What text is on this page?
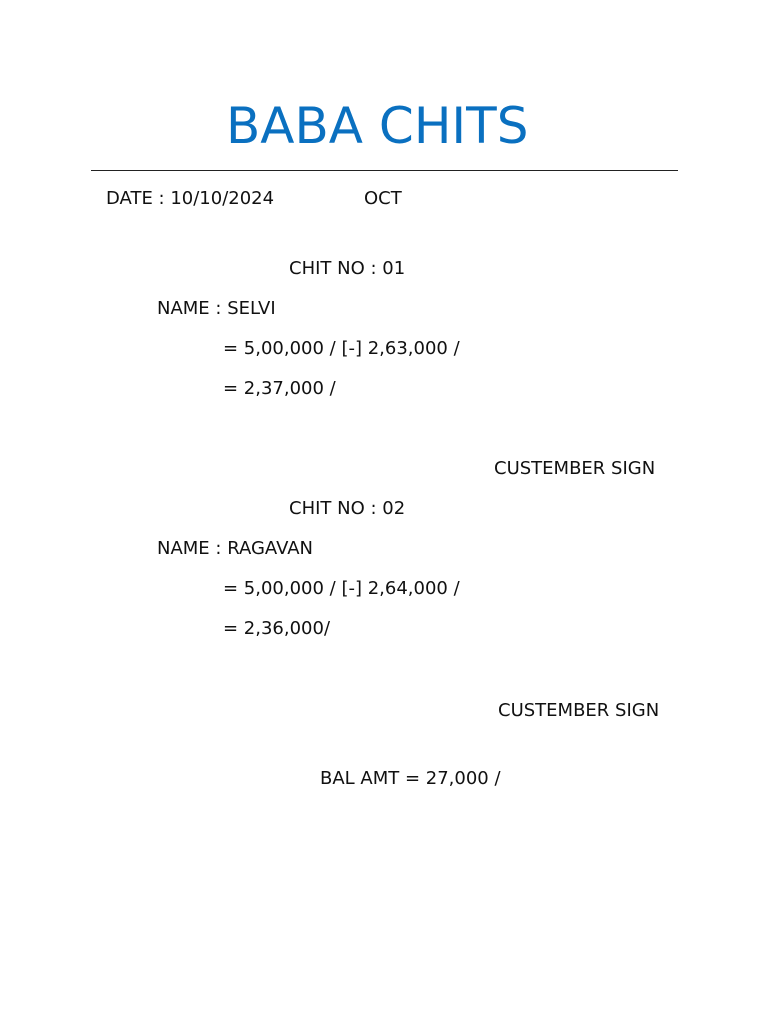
BABA CHITS
DATE : 10/10/2024	OCT
CHIT NO : 01
NAME : SELVI
= 5,00,000 / [-] 2,63,000 /
= 2,37,000 /
CUSTEMBER SIGN
CHIT NO : 02
NAME : RAGAVAN
= 5,00,000 / [-] 2,64,000 /
= 2,36,000/
CUSTEMBER SIGN
BAL AMT = 27,000 /
